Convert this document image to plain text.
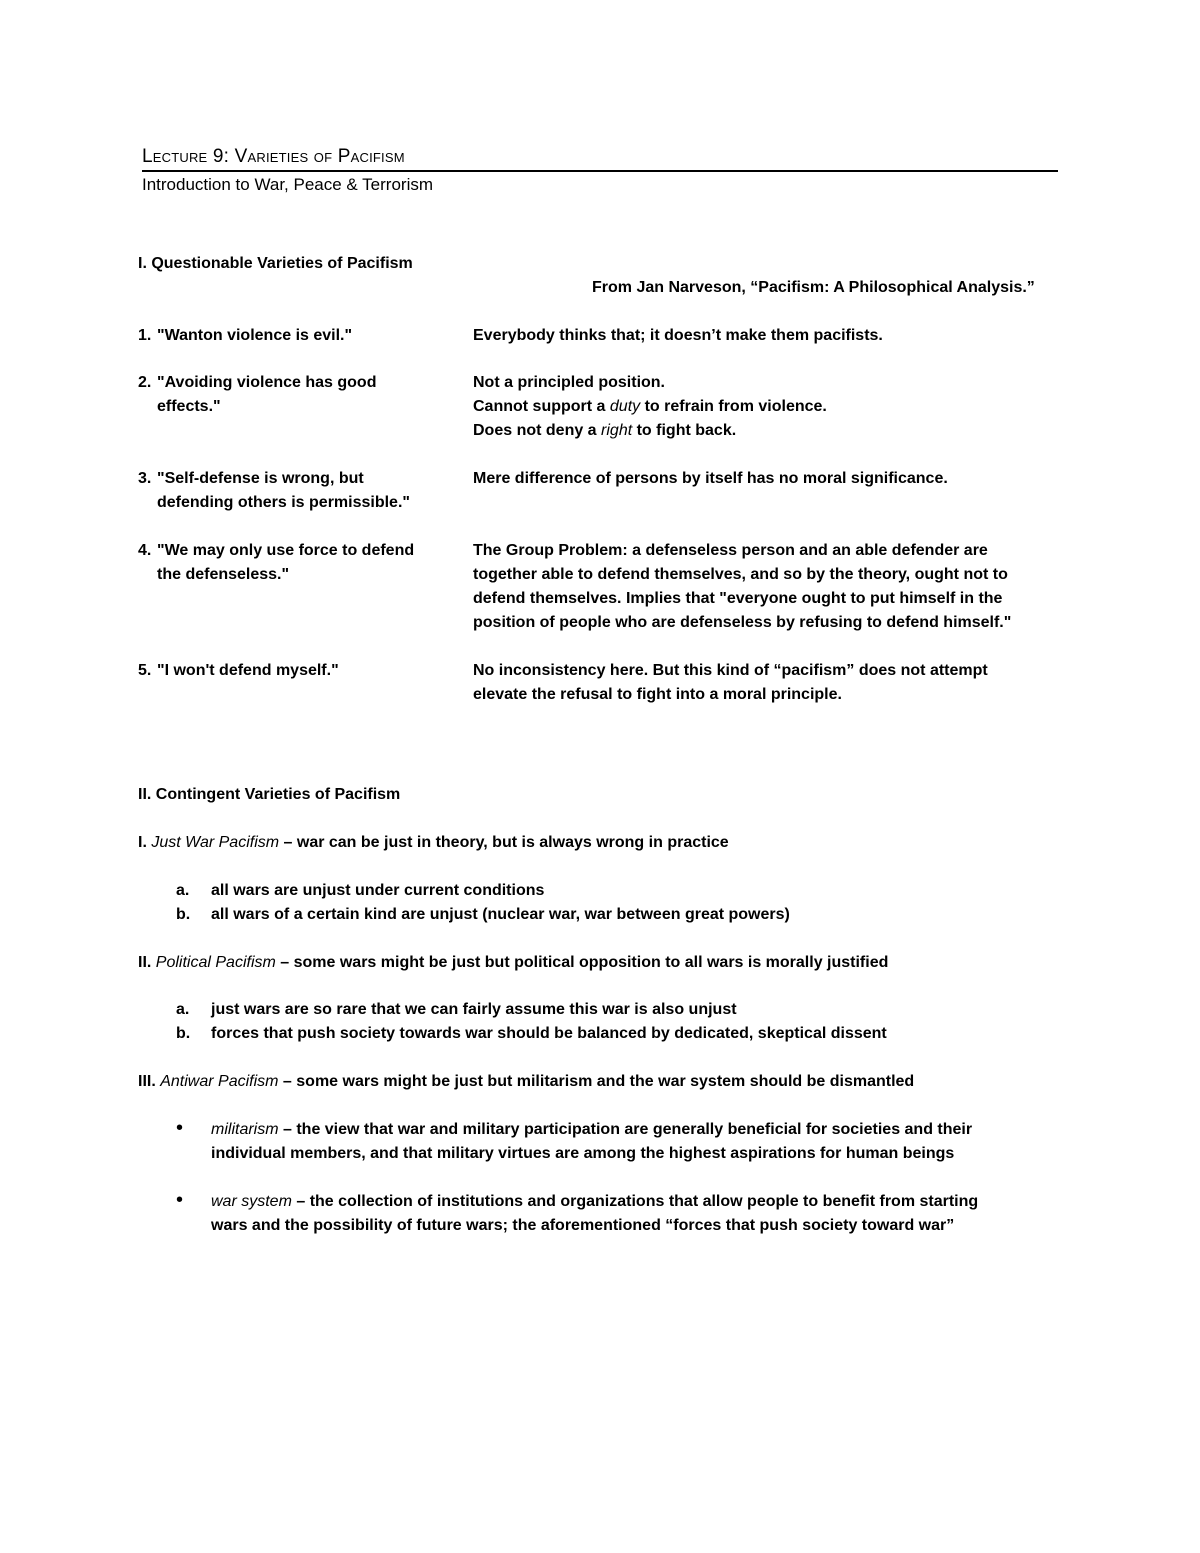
Lecture 9: Varieties of Pacifism
Introduction to War, Peace & Terrorism
I. Questionable Varieties of Pacifism
From Jan Narveson, “Pacifism: A Philosophical Analysis.”
1. "Wanton violence is evil."	Everybody thinks that; it doesn’t make them pacifists.
2. "Avoiding violence has good
effects."
Not a principled position.
Cannot support a duty to refrain from violence.
Does not deny a right to fight back.
3. "Self-defense is wrong, but
defending others is permissible."
Mere difference of persons by itself has no moral significance.
4. "We may only use force to defend
the defenseless."
The Group Problem: a defenseless person and an able defender are
together able to defend themselves, and so by the theory, ought not to
defend themselves. Implies that "everyone ought to put himself in the
position of people who are defenseless by refusing to defend himself."
5. "I won't defend myself."	No inconsistency here. But this kind of “pacifism” does not attempt
elevate the refusal to fight into a moral principle.
II. Contingent Varieties of Pacifism
I. Just War Pacifism – war can be just in theory, but is always wrong in practice
a. all wars are unjust under current conditions
b. all wars of a certain kind are unjust (nuclear war, war between great powers)
II. Political Pacifism – some wars might be just but political opposition to all wars is morally justified
a. just wars are so rare that we can fairly assume this war is also unjust
b. forces that push society towards war should be balanced by dedicated, skeptical dissent
III. Antiwar Pacifism – some wars might be just but militarism and the war system should be dismantled
• militarism – the view that war and military participation are generally beneficial for societies and their
individual members, and that military virtues are among the highest aspirations for human beings
• war system – the collection of institutions and organizations that allow people to benefit from starting
wars and the possibility of future wars; the aforementioned “forces that push society toward war”
